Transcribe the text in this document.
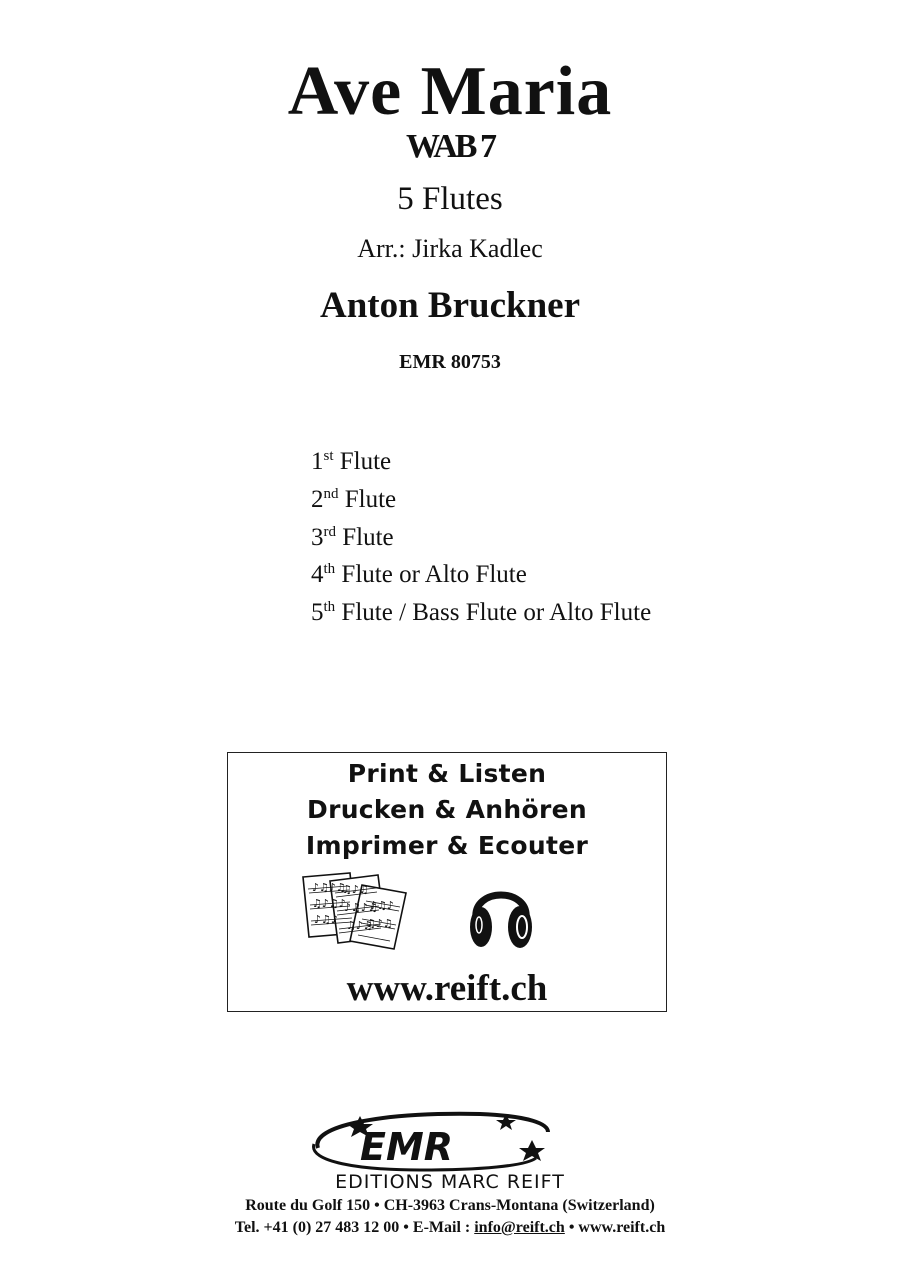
Ave Maria
WAB 7
5 Flutes
Arr.: Jirka Kadlec
Anton Bruckner
EMR 80753
1st Flute
2nd Flute
3rd Flute
4th Flute or Alto Flute
5th Flute / Bass Flute or Alto Flute
Print & Listen
Drucken & Anhören
Imprimer & Ecouter
♪♫♪♫
♫♪♫♪
♪♫♪
♫♪♫
♪♫♪♫
♫♪♫
♪♫♪
♫♪♫
www.reift.ch
EMR
EDITIONS MARC REIFT
Route du Golf 150 • CH-3963 Crans-Montana (Switzerland)
Tel. +41 (0) 27 483 12 00 • E-Mail : info@reift.ch • www.reift.ch
